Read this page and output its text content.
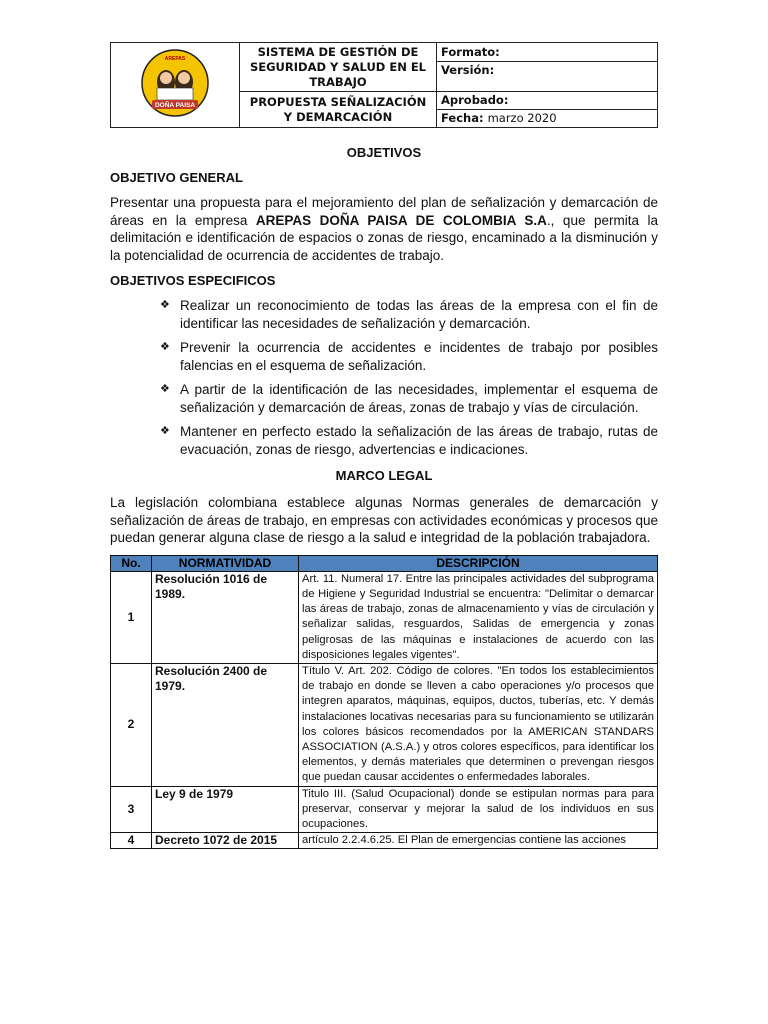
AREPAS
DOÑA PAISA	SISTEMA DE GESTIÓN DE SEGURIDAD Y SALUD EN EL TRABAJO	Formato:
		Versión:
	PROPUESTA SEÑALIZACIÓN Y DEMARCACIÓN	Aprobado:
		Fecha: marzo 2020
OBJETIVOS
OBJETIVO GENERAL

Presentar una propuesta para el mejoramiento del plan de señalización y demarcación de áreas en la empresa AREPAS DOÑA PAISA DE COLOMBIA S.A., que permita la delimitación e identificación de espacios o zonas de riesgo, encaminado a la disminución y la potencialidad de ocurrencia de accidentes de trabajo.

OBJETIVOS ESPECIFICOS
❖ Realizar un reconocimiento de todas las áreas de la empresa con el fin de identificar las necesidades de señalización y demarcación.
❖ Prevenir la ocurrencia de accidentes e incidentes de trabajo por posibles falencias en el esquema de señalización.
❖ A partir de la identificación de las necesidades, implementar el esquema de señalización y demarcación de áreas, zonas de trabajo y vías de circulación.
❖ Mantener en perfecto estado la señalización de las áreas de trabajo, rutas de evacuación, zonas de riesgo, advertencias e indicaciones.
MARCO LEGAL

La legislación colombiana establece algunas Normas generales de demarcación y señalización de áreas de trabajo, en empresas con actividades económicas y procesos que puedan generar alguna clase de riesgo a la salud e integridad de la población trabajadora.

No.	NORMATIVIDAD	DESCRIPCIÓN
1	Resolución 1016 de 1989.	Art. 11. Numeral 17. Entre las principales actividades del subprograma de Higiene y Seguridad Industrial se encuentra: "Delimitar o demarcar las áreas de trabajo, zonas de almacenamiento y vías de circulación y señalizar salidas, resguardos, Salidas de emergencia y zonas peligrosas de las máquinas e instalaciones de acuerdo con las disposiciones legales vigentes".
2	Resolución 2400 de 1979.	Título V. Art. 202. Código de colores. "En todos los establecimientos de trabajo en donde se lleven a cabo operaciones y/o procesos que integren aparatos, máquinas, equipos, ductos, tuberías, etc. Y demás instalaciones locativas necesarias para su funcionamiento se utilizarán los colores básicos recomendados por la AMERICAN STANDARS ASSOCIATION (A.S.A.) y otros colores específicos, para identificar los elementos, y demás materiales que determinen o prevengan riesgos que puedan causar accidentes o enfermedades laborales.
3	Ley 9 de 1979	Titulo III. (Salud Ocupacional) donde se estipulan normas para para preservar, conservar y mejorar la salud de los individuos en sus ocupaciones.
4	Decreto 1072 de 2015	artículo 2.2.4.6.25. El Plan de emergencias contiene las acciones
